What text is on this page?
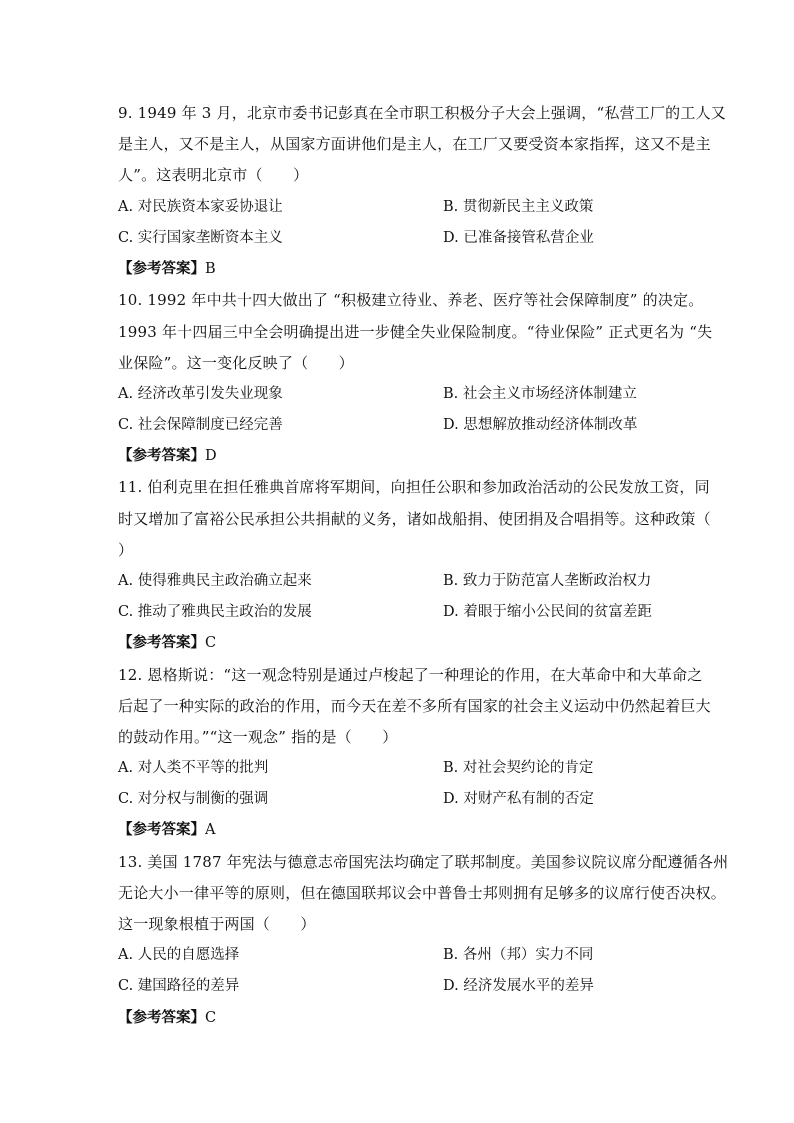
9. 1949 年 3 月，北京市委书记彭真在全市职工积极分子大会上强调，“私营工厂的工人又
是主人，又不是主人，从国家方面讲他们是主人，在工厂又要受资本家指挥，这又不是主
人”。这表明北京市（　　）
A. 对民族资本家妥协退让	B. 贯彻新民主主义政策
C. 实行国家垄断资本主义	D. 已准备接管私营企业
【参考答案】B
10. 1992 年中共十四大做出了 “积极建立待业、养老、医疗等社会保障制度” 的决定。
1993 年十四届三中全会明确提出进一步健全失业保险制度。“待业保险” 正式更名为 “失
业保险”。这一变化反映了（　　）
A. 经济改革引发失业现象	B. 社会主义市场经济体制建立
C. 社会保障制度已经完善	D. 思想解放推动经济体制改革
【参考答案】D
11. 伯利克里在担任雅典首席将军期间，向担任公职和参加政治活动的公民发放工资，同
时又增加了富裕公民承担公共捐献的义务，诸如战船捐、使团捐及合唱捐等。这种政策（
）
A. 使得雅典民主政治确立起来	B. 致力于防范富人垄断政治权力
C. 推动了雅典民主政治的发展	D. 着眼于缩小公民间的贫富差距
【参考答案】C
12. 恩格斯说：“这一观念特别是通过卢梭起了一种理论的作用，在大革命中和大革命之
后起了一种实际的政治的作用，而今天在差不多所有国家的社会主义运动中仍然起着巨大
的鼓动作用。”“这一观念” 指的是（　　）
A. 对人类不平等的批判	B. 对社会契约论的肯定
C. 对分权与制衡的强调	D. 对财产私有制的否定
【参考答案】A
13. 美国 1787 年宪法与德意志帝国宪法均确定了联邦制度。美国参议院议席分配遵循各州
无论大小一律平等的原则，但在德国联邦议会中普鲁士邦则拥有足够多的议席行使否决权。
这一现象根植于两国（　　）
A. 人民的自愿选择	B. 各州（邦）实力不同
C. 建国路径的差异	D. 经济发展水平的差异
【参考答案】C
